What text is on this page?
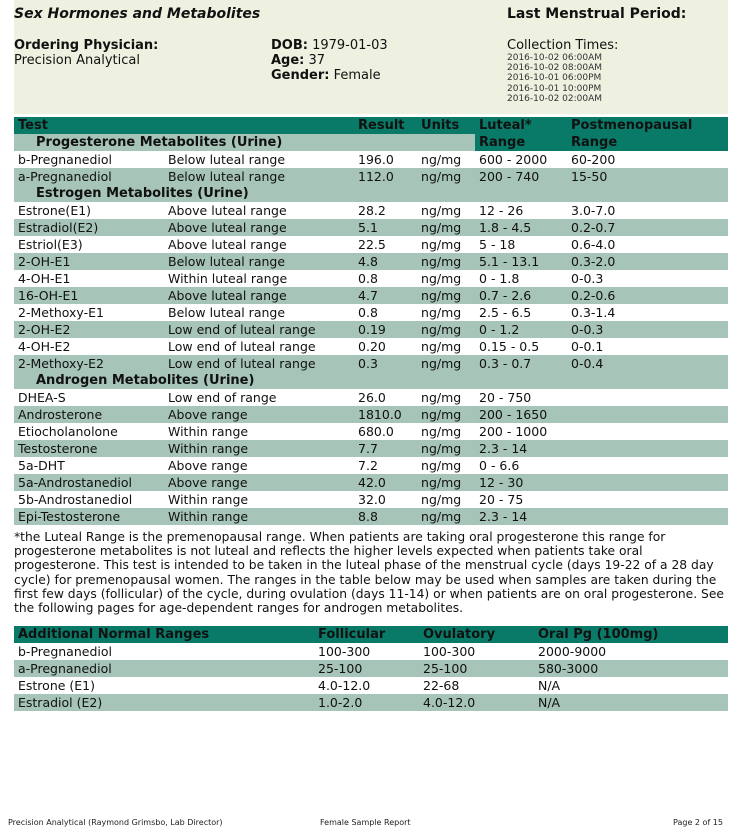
Sex Hormones and Metabolites	Last Menstrual Period:
Ordering Physician:
Precision Analytical
DOB: 1979-01-03
Age: 37
Gender: Female
Collection Times:
2016-10-02 06:00AM
2016-10-02 08:00AM
2016-10-01 06:00PM
2016-10-01 10:00PM
2016-10-02 02:00AM
Test		Result	Units	Luteal*	Postmenopausal
Progesterone Metabolites (Urine)				Range	Range
b-Pregnanediol	Below luteal range	196.0	ng/mg	600 - 2000	60-200
a-Pregnanediol	Below luteal range	112.0	ng/mg	200 - 740	15-50
Estrogen Metabolites (Urine)					
Estrone(E1)	Above luteal range	28.2	ng/mg	12 - 26	3.0-7.0
Estradiol(E2)	Above luteal range	5.1	ng/mg	1.8 - 4.5	0.2-0.7
Estriol(E3)	Above luteal range	22.5	ng/mg	5 - 18	0.6-4.0
2-OH-E1	Below luteal range	4.8	ng/mg	5.1 - 13.1	0.3-2.0
4-OH-E1	Within luteal range	0.8	ng/mg	0 - 1.8	0-0.3
16-OH-E1	Above luteal range	4.7	ng/mg	0.7 - 2.6	0.2-0.6
2-Methoxy-E1	Below luteal range	0.8	ng/mg	2.5 - 6.5	0.3-1.4
2-OH-E2	Low end of luteal range	0.19	ng/mg	0 - 1.2	0-0.3
4-OH-E2	Low end of luteal range	0.20	ng/mg	0.15 - 0.5	0-0.1
2-Methoxy-E2	Low end of luteal range	0.3	ng/mg	0.3 - 0.7	0-0.4
Androgen Metabolites (Urine)					
DHEA-S	Low end of range	26.0	ng/mg	20 - 750	
Androsterone	Above range	1810.0	ng/mg	200 - 1650	
Etiocholanolone	Within range	680.0	ng/mg	200 - 1000	
Testosterone	Within range	7.7	ng/mg	2.3 - 14	
5a-DHT	Above range	7.2	ng/mg	0 - 6.6	
5a-Androstanediol	Above range	42.0	ng/mg	12 - 30	
5b-Androstanediol	Within range	32.0	ng/mg	20 - 75	
Epi-Testosterone	Within range	8.8	ng/mg	2.3 - 14	
*the Luteal Range is the premenopausal range. When patients are taking oral progesterone this range for progesterone metabolites is not luteal and reflects the higher levels expected when patients take oral progesterone. This test is intended to be taken in the luteal phase of the menstrual cycle (days 19-22 of a 28 day cycle) for premenopausal women. The ranges in the table below may be used when samples are taken during the first few days (follicular) of the cycle, during ovulation (days 11-14) or when patients are on oral progesterone. See the following pages for age-dependent ranges for androgen metabolites.
Additional Normal Ranges	Follicular	Ovulatory	Oral Pg (100mg)
b-Pregnanediol	100-300	100-300	2000-9000
a-Pregnanediol	25-100	25-100	580-3000
Estrone (E1)	4.0-12.0	22-68	N/A
Estradiol (E2)	1.0-2.0	4.0-12.0	N/A
Precision Analytical (Raymond Grimsbo, Lab Director)	Female Sample Report	Page 2 of 15
